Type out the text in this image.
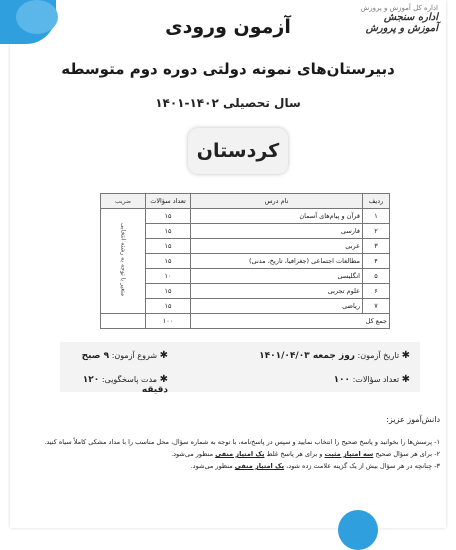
اداره کل آموزش و پرورش
اداره سنجش آموزش و پرورش
آزمون ورودی
دبیرستان‌های نمونه دولتی دوره دوم متوسطه
سال تحصیلی ۱۴۰۲-۱۴۰۱
کردستان
ردیف	نام درس	تعداد سؤالات	ضریب
۱	قرآن و پیام‌های آسمان	۱۵	متغیر با توجه به رشته انتخابی
۲	فارسی	۱۵	
۳	عربی	۱۵	
۴	مطالعات اجتماعی (جغرافیا، تاریخ، مدنی)	۱۵	
۵	انگلیسی	۱۰	
۶	علوم تجربی	۱۵	
۷	ریاضی	۱۵	
جمع کل		۱۰۰	
✱ تاریخ آزمون: روز جمعه ۱۴۰۱/۰۴/۰۳
✱ شروع آزمون: ۹ صبح
✱ تعداد سؤالات: ۱۰۰
✱ مدت پاسخگویی: ۱۲۰ دقیقه
دانش‌آموز عزیز:

۱- پرسش‌ها را بخوانید و پاسخ صحیح را انتخاب نمایید و سپس در پاسخ‌نامه، با توجه به شماره سؤال، محل مناسب را با مداد مشکی کاملاً سیاه کنید.

۲- برای هر سؤال صحیح سه امتیاز مثبت و برای هر پاسخ غلط یک امتیاز منفی منظور می‌شود.

۳- چنانچه در هر سؤال بیش از یک گزینه علامت زده شود، یک امتیاز منفی منظور می‌شود.
